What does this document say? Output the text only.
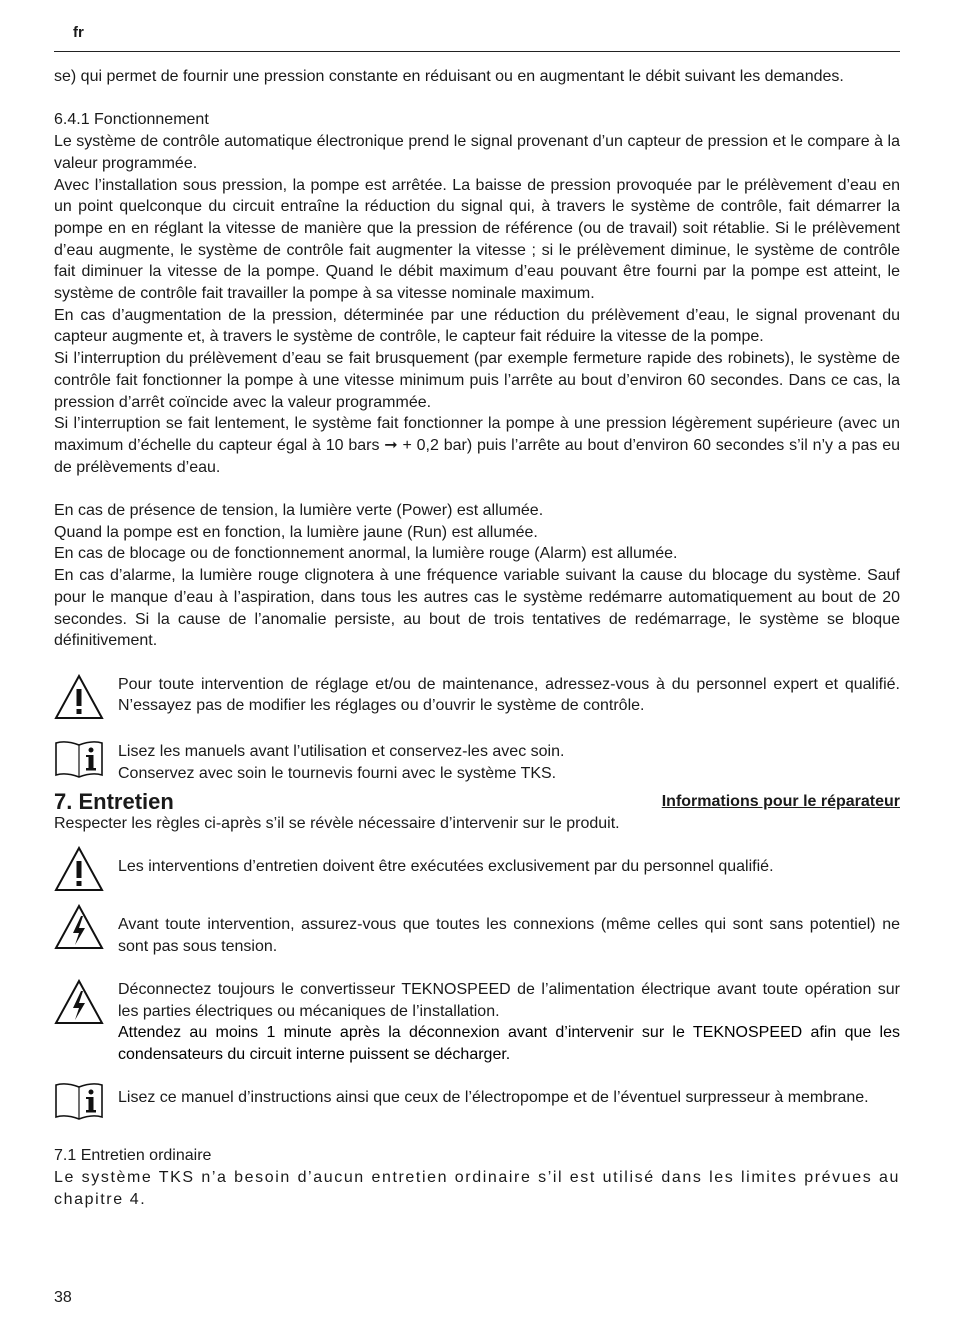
fr

se) qui permet de fournir une pression constante en réduisant ou en augmentant le débit suivant les demandes.

6.4.1 Fonctionnement

Le système de contrôle automatique électronique prend le signal provenant d’un capteur de pression et le compare à la valeur programmée.

Avec l’installation sous pression, la pompe est arrêtée. La baisse de pression provoquée par le prélèvement d’eau en un point quelconque du circuit entraîne la réduction du signal qui, à travers le système de contrôle, fait démarrer la pompe en en réglant la vitesse de manière que la pression de référence (ou de travail) soit rétablie. Si le prélèvement d’eau augmente, le système de contrôle fait augmenter la vitesse ; si le prélèvement diminue, le système de contrôle fait diminuer la vitesse de la pompe. Quand le débit maximum d’eau pouvant être fourni par la pompe est atteint, le système de contrôle fait travailler la pompe à sa vitesse nominale maximum.

En cas d’augmentation de la pression, déterminée par une réduction du prélèvement d’eau, le signal provenant du capteur augmente et, à travers le système de contrôle, le capteur fait réduire la vitesse de la pompe.

Si l’interruption du prélèvement d’eau se fait brusquement (par exemple fermeture rapide des robinets), le système de contrôle fait fonctionner la pompe à une vitesse minimum puis l’arrête au bout d’environ 60 secondes. Dans ce cas, la pression d’arrêt coïncide avec la valeur programmée.

Si l’interruption se fait lentement, le système fait fonctionner la pompe à une pression légèrement supérieure (avec un maximum d’échelle du capteur égal à 10 bars ➞ + 0,2 bar) puis l’arrête au bout d’environ 60 secondes s’il n’y a pas eu de prélèvements d’eau.

En cas de présence de tension, la lumière verte (Power) est allumée.

Quand la pompe est en fonction, la lumière jaune (Run) est allumée.

En cas de blocage ou de fonctionnement anormal, la lumière rouge (Alarm) est allumée.

En cas d’alarme, la lumière rouge clignotera à une fréquence variable suivant la cause du blocage du système. Sauf pour le manque d’eau à l’aspiration, dans tous les autres cas le système redémarre automatiquement au bout de 20 secondes. Si la cause de l’anomalie persiste, au bout de trois tentatives de redémarrage, le système se bloque définitivement.

Pour toute intervention de réglage et/ou de maintenance, adressez-vous à du personnel expert et qualifié. N’essayez pas de modifier les réglages ou d’ouvrir le système de contrôle.
Lisez les manuels avant l’utilisation et conservez-les avec soin.
Conservez avec soin le tournevis fourni avec le système TKS.
7. Entretien	Informations pour le réparateur

Respecter les règles ci-après s’il se révèle nécessaire d’intervenir sur le produit.

Les interventions d’entretien doivent être exécutées exclusivement par du personnel qualifié.
Avant toute intervention, assurez-vous que toutes les connexions (même celles qui sont sans potentiel) ne sont pas sous tension.
Déconnectez toujours le convertisseur TEKNOSPEED de l’alimentation électrique avant toute opération sur les parties électriques ou mécaniques de l’installation.
Attendez au moins 1 minute après la déconnexion avant d’intervenir sur le TEKNOSPEED afin que les condensateurs du circuit interne puissent se décharger.
Lisez ce manuel d’instructions ainsi que ceux de l’électropompe et de l’éventuel surpresseur à membrane.

7.1 Entretien ordinaire

Le système TKS n’a besoin d’aucun entretien ordinaire s’il est utilisé dans les limites prévues au chapitre 4.

38
